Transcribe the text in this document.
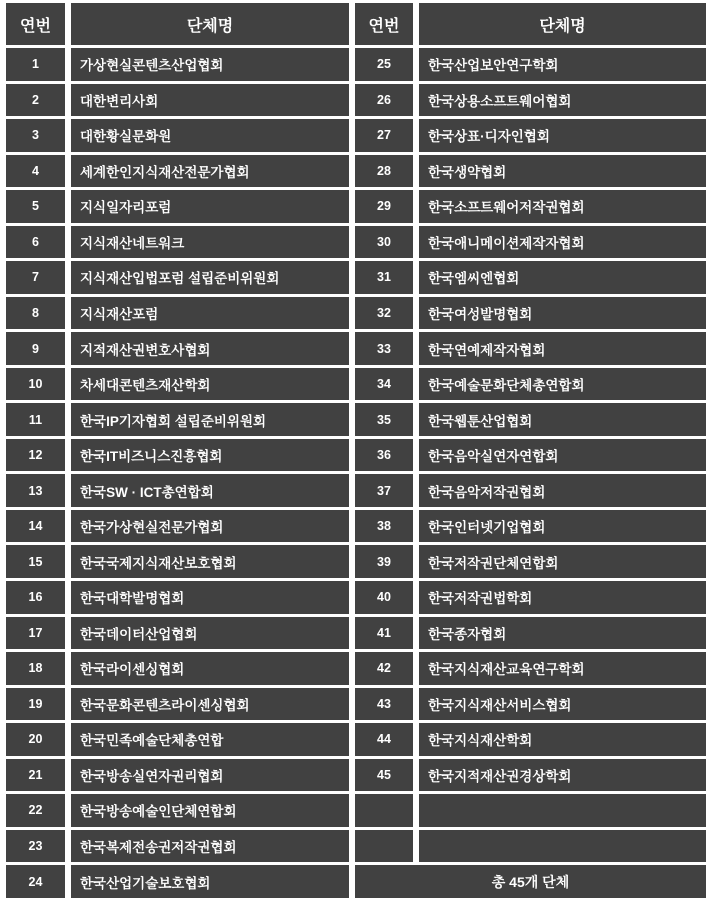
연번	단체명	연번	단체명
1	가상현실콘텐츠산업협회	25	한국산업보안연구학회
2	대한변리사회	26	한국상용소프트웨어협회
3	대한황실문화원	27	한국상표·디자인협회
4	세계한인지식재산전문가협회	28	한국생약협회
5	지식일자리포럼	29	한국소프트웨어저작권협회
6	지식재산네트워크	30	한국애니메이션제작자협회
7	지식재산입법포럼 설립준비위원회	31	한국엠씨엔협회
8	지식재산포럼	32	한국여성발명협회
9	지적재산권변호사협회	33	한국연예제작자협회
10	차세대콘텐츠재산학회	34	한국예술문화단체총연합회
11	한국IP기자협회 설립준비위원회	35	한국웹툰산업협회
12	한국IT비즈니스진흥협회	36	한국음악실연자연합회
13	한국SW · ICT총연합회	37	한국음악저작권협회
14	한국가상현실전문가협회	38	한국인터넷기업협회
15	한국국제지식재산보호협회	39	한국저작권단체연합회
16	한국대학발명협회	40	한국저작권법학회
17	한국데이터산업협회	41	한국종자협회
18	한국라이센싱협회	42	한국지식재산교육연구학회
19	한국문화콘텐츠라이센싱협회	43	한국지식재산서비스협회
20	한국민족예술단체총연합	44	한국지식재산학회
21	한국방송실연자권리협회	45	한국지적재산권경상학회
22	한국방송예술인단체연합회		
23	한국복제전송권저작권협회		
24	한국산업기술보호협회	총 45개 단체	
